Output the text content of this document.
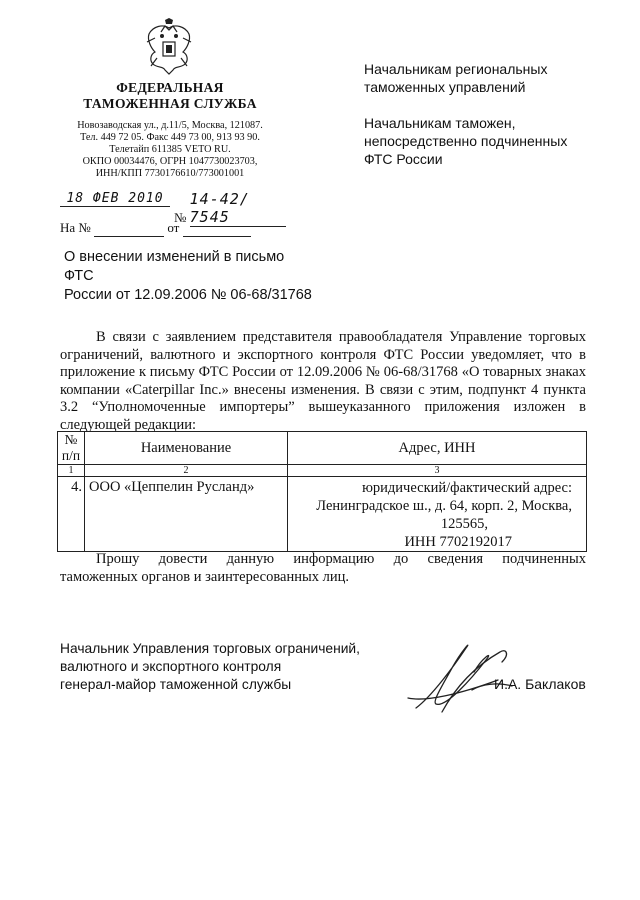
ФЕДЕРАЛЬНАЯ
ТАМОЖЕННАЯ СЛУЖБА
Новозаводская ул., д.11/5, Москва, 121087.
Тел. 449 72 05. Факс 449 73 00, 913 93 90.
Телетайп 611385 VETO RU.
ОКПО 00034476, ОГРН 1047730023703,
ИНН/КПП 7730176610/773001001
18 ФЕВ 2010
№ 14-42/ 7545
На №	от
Начальникам региональных
таможенных управлений
Начальникам таможен,
непосредственно подчиненных
ФТС России
О внесении изменений в письмо ФТС
России от 12.09.2006 № 06-68/31768
В связи с заявлением представителя правообладателя Управление торговых ограничений, валютного и экспортного контроля ФТС России уведомляет, что в приложение к письму ФТС России от 12.09.2006 № 06-68/31768 «О товарных знаках компании «Caterpillar Inc.» внесены изменения. В связи с этим, подпункт 4 пункта 3.2 “Уполномоченные импортеры” вышеуказанного приложения изложен в следующей редакции:
№ п/п	Наименование	Адрес, ИНН
1	2	3
4.	ООО «Цеппелин Русланд»	юридический/фактический адрес:
Ленинградское ш., д. 64, корп. 2, Москва,
125565,
ИНН 7702192017
Прошу довести данную информацию до сведения подчиненных
таможенных органов и заинтересованных лиц.
Начальник Управления торговых ограничений,
валютного и экспортного контроля
генерал-майор таможенной службы	И.А. Баклаков
